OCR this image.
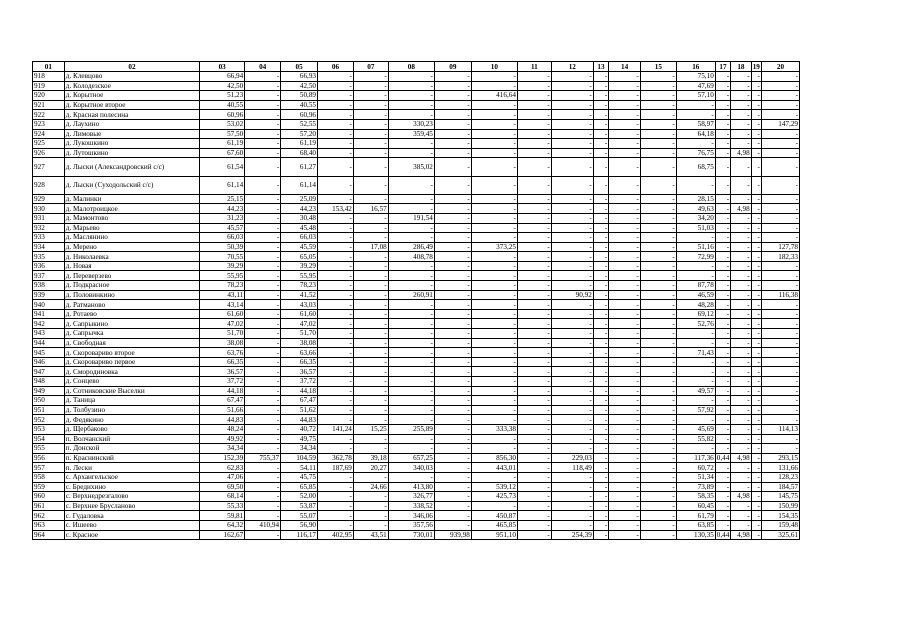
01	02	03	04	05	06	07	08	09	10	11	12	13	14	15	16	17	18	19	20
918	д. Клевцово	66,94	-	66,93	-	-	-	-	-	-	-	-	-	-	75,10	-	-	-	-
919	д. Колодезское	42,50	-	42,50	-	-	-	-	-	-	-	-	-	-	47,69	-	-	-	-
920	д. Корытное	51,23	-	50,89	-	-	-	-	416,64	-	-	-	-	-	57,10	-	-	-	-
921	д. Корытное второе	40,55	-	40,55	-	-	-	-	-	-	-	-	-	-	-	-	-	-	-
922	д. Красная полесина	60,96	-	60,96	-	-	-	-	-	-	-	-	-	-	-	-	-	-	-
923	д. Лаухино	53,02	-	52,55	-	-	330,23	-	-	-	-	-	-	-	58,97	-	-	-	147,29
924	д. Лимовые	57,50	-	57,20	-	-	359,45	-	-	-	-	-	-	-	64,18	-	-	-	-
925	д. Лукошкино	61,19	-	61,19	-	-	-	-	-	-	-	-	-	-	-	-	-	-	-
926	д. Лутошкино	67,60	-	68,40	-	-	-	-	-	-	-	-	-	-	76,75	-	4,98	-	-
927	д. Лыски (Александровский с/с)	61,54	-	61,27	-	-	385,02	-	-	-	-	-	-	-	68,75	-	-	-	-
928	д. Лыски (Суходольский с/с)	61,14	-	61,14	-	-	-	-	-	-	-	-	-	-	-	-	-	-	-
929	д. Малинки	25,15	-	25,09	-	-	-	-	-	-	-	-	-	-	28,15	-	-	-	-
930	д. Малотроицкое	44,23	-	44,23	153,42	16,57	-	-	-	-	-	-	-	-	49,63	-	4,98	-	-
931	д. Мамонтово	31,23	-	30,48	-	-	191,54	-	-	-	-	-	-	-	34,20	-	-	-	-
932	д. Марьево	45,57	-	45,48	-	-	-	-	-	-	-	-	-	-	51,03	-	-	-	-
933	д. Маслянино	66,03	-	66,03	-	-	-	-	-	-	-	-	-	-	-	-	-	-	-
934	д. Мерено	50,39	-	45,59	-	17,08	286,49	-	373,25	-	-	-	-	-	51,16	-	-	-	127,78
935	д. Николаевка	70,55	-	65,05	-	-	408,78	-	-	-	-	-	-	-	72,99	-	-	-	182,33
936	д. Новая	39,29	-	39,29	-	-	-	-	-	-	-	-	-	-	-	-	-	-	-
937	д. Переверзево	55,95	-	55,95	-	-	-	-	-	-	-	-	-	-	-	-	-	-	-
938	д. Подкрасное	78,23	-	78,23	-	-	-	-	-	-	-	-	-	-	87,78	-	-	-	-
939	д. Половинкино	43,11	-	41,52	-	-	260,91	-	-	-	90,92	-	-	-	46,59	-	-	-	116,38
940	д. Ратманово	43,14	-	43,03	-	-	-	-	-	-	-	-	-	-	48,28	-	-	-	-
941	д. Ротаево	61,60	-	61,60	-	-	-	-	-	-	-	-	-	-	69,12	-	-	-	-
942	д. Сапрыкино	47,02	-	47,02	-	-	-	-	-	-	-	-	-	-	52,76	-	-	-	-
943	д. Сапрычка	51,70	-	51,70	-	-	-	-	-	-	-	-	-	-	-	-	-	-	-
944	д. Свободная	38,08	-	38,08	-	-	-	-	-	-	-	-	-	-	-	-	-	-	-
945	д. Скоровариво второе	63,76	-	63,66	-	-	-	-	-	-	-	-	-	-	71,43	-	-	-	-
946	д. Скоровариво первое	66,35	-	66,35	-	-	-	-	-	-	-	-	-	-	-	-	-	-	-
947	д. Смородиновка	36,57	-	36,57	-	-	-	-	-	-	-	-	-	-	-	-	-	-	-
948	д. Сонцево	37,72	-	37,72	-	-	-	-	-	-	-	-	-	-	-	-	-	-	-
949	д. Сотниковские Выселки	44,18	-	44,18	-	-	-	-	-	-	-	-	-	-	49,57	-	-	-	-
950	д. Таница	67,47	-	67,47	-	-	-	-	-	-	-	-	-	-	-	-	-	-	-
951	д. Толбузино	51,66	-	51,62	-	-	-	-	-	-	-	-	-	-	57,92	-	-	-	-
952	д. Федякино	44,83	-	44,83	-	-	-	-	-	-	-	-	-	-	-	-	-	-	-
953	д. Щербаково	48,24	-	40,72	141,24	15,25	255,89	-	333,38	-	-	-	-	-	45,69	-	-	-	114,13
954	п. Волчанский	49,92	-	49,75	-	-	-	-	-	-	-	-	-	-	55,82	-	-	-	-
955	п. Донской	34,34	-	34,34	-	-	-	-	-	-	-	-	-	-	-	-	-	-	-
956	п. Краснинский	152,39	755,37	104,59	362,78	39,18	657,25	-	856,30	-	229,03	-	-	-	117,36	0,44	4,98	-	293,15
957	п. Лески	62,83	-	54,11	187,69	20,27	340,03	-	443,01	-	118,49	-	-	-	60,72	-	-	-	131,66
958	с. Архангельское	47,06	-	45,75	-	-	-	-	-	-	-	-	-	-	51,34	-	-	-	128,23
959	с. Бредихино	69,50	-	65,85	-	24,66	413,80	-	539,12	-	-	-	-	-	73,89	-	-	-	184,57
960	с. Верхнедрезгалово	68,14	-	52,00	-	-	326,77	-	425,73	-	-	-	-	-	58,35	-	4,98	-	145,75
961	с. Верхнее Брусланово	55,33	-	53,87	-	-	338,52	-	-	-	-	-	-	-	60,45	-	-	-	150,99
962	с. Гудаловка	59,81	-	55,07	-	-	346,06	-	450,87	-	-	-	-	-	61,79	-	-	-	154,35
963	с. Ишеево	64,32	410,94	56,90	-	-	357,56	-	465,85	-	-	-	-	-	63,85	-	-	-	159,48
964	с. Красное	162,67	-	116,17	402,95	43,51	730,01	939,98	951,10	-	254,39	-	-	-	130,35	0,44	4,98	-	325,61
